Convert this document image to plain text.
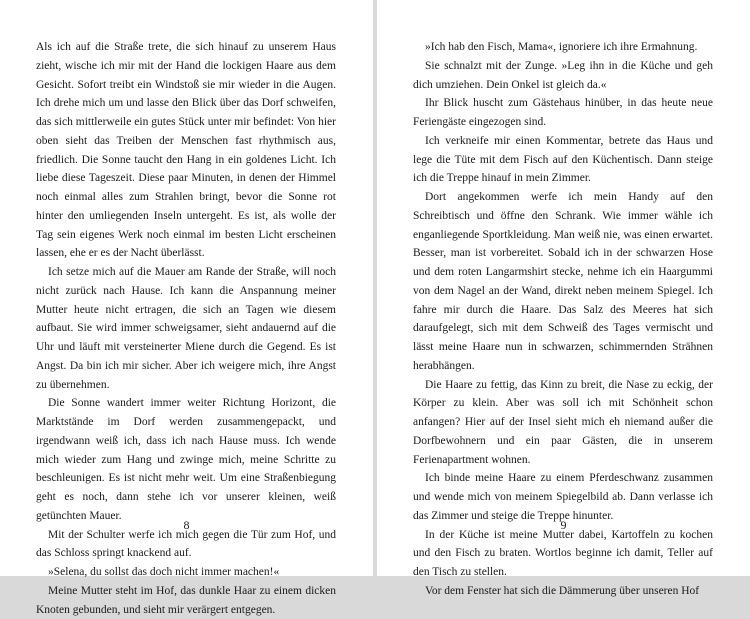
Als ich auf die Straße trete, die sich hinauf zu unserem Haus zieht, wische ich mir mit der Hand die lockigen Haare aus dem Gesicht. Sofort treibt ein Windstoß sie mir wieder in die Augen. Ich drehe mich um und lasse den Blick über das Dorf schweifen, das sich mittlerweile ein gutes Stück unter mir befindet: Von hier oben sieht das Treiben der Menschen fast rhythmisch aus, friedlich. Die Sonne taucht den Hang in ein goldenes Licht. Ich liebe diese Tageszeit. Diese paar Minuten, in denen der Himmel noch einmal alles zum Strahlen bringt, bevor die Sonne rot hinter den umliegenden Inseln untergeht. Es ist, als wolle der Tag sein eigenes Werk noch einmal im besten Licht erscheinen lassen, ehe er es der Nacht überlässt.

Ich setze mich auf die Mauer am Rande der Straße, will noch nicht zurück nach Hause. Ich kann die Anspannung meiner Mutter heute nicht ertragen, die sich an Tagen wie diesem aufbaut. Sie wird immer schweigsamer, sieht andauernd auf die Uhr und läuft mit versteinerter Miene durch die Gegend. Es ist Angst. Da bin ich mir sicher. Aber ich weigere mich, ihre Angst zu übernehmen.

Die Sonne wandert immer weiter Richtung Horizont, die Marktstände im Dorf werden zusammengepackt, und irgendwann weiß ich, dass ich nach Hause muss. Ich wende mich wieder zum Hang und zwinge mich, meine Schritte zu beschleunigen. Es ist nicht mehr weit. Um eine Straßenbiegung geht es noch, dann stehe ich vor unserer kleinen, weiß getünchten Mauer.

Mit der Schulter werfe ich mich gegen die Tür zum Hof, und das Schloss springt knackend auf.

»Selena, du sollst das doch nicht immer machen!«

Meine Mutter steht im Hof, das dunkle Haar zu einem dicken Knoten gebunden, und sieht mir verärgert entgegen.

8

»Ich hab den Fisch, Mama«, ignoriere ich ihre Ermahnung.

Sie schnalzt mit der Zunge. »Leg ihn in die Küche und geh dich umziehen. Dein Onkel ist gleich da.«

Ihr Blick huscht zum Gästehaus hinüber, in das heute neue Feriengäste eingezogen sind.

Ich verkneife mir einen Kommentar, betrete das Haus und lege die Tüte mit dem Fisch auf den Küchentisch. Dann steige ich die Treppe hinauf in mein Zimmer.

Dort angekommen werfe ich mein Handy auf den Schreibtisch und öffne den Schrank. Wie immer wähle ich enganliegende Sportkleidung. Man weiß nie, was einen erwartet. Besser, man ist vorbereitet. Sobald ich in der schwarzen Hose und dem roten Langarmshirt stecke, nehme ich ein Haargummi von dem Nagel an der Wand, direkt neben meinem Spiegel. Ich fahre mir durch die Haare. Das Salz des Meeres hat sich daraufgelegt, sich mit dem Schweiß des Tages vermischt und lässt meine Haare nun in schwarzen, schimmernden Strähnen herabhängen.

Die Haare zu fettig, das Kinn zu breit, die Nase zu eckig, der Körper zu klein. Aber was soll ich mit Schönheit schon anfangen? Hier auf der Insel sieht mich eh niemand außer die Dorfbewohnern und ein paar Gästen, die in unserem Ferienapartment wohnen.

Ich binde meine Haare zu einem Pferdeschwanz zusammen und wende mich von meinem Spiegelbild ab. Dann verlasse ich das Zimmer und steige die Treppe hinunter.

In der Küche ist meine Mutter dabei, Kartoffeln zu kochen und den Fisch zu braten. Wortlos beginne ich damit, Teller auf den Tisch zu stellen.

Vor dem Fenster hat sich die Dämmerung über unseren Hof

9
